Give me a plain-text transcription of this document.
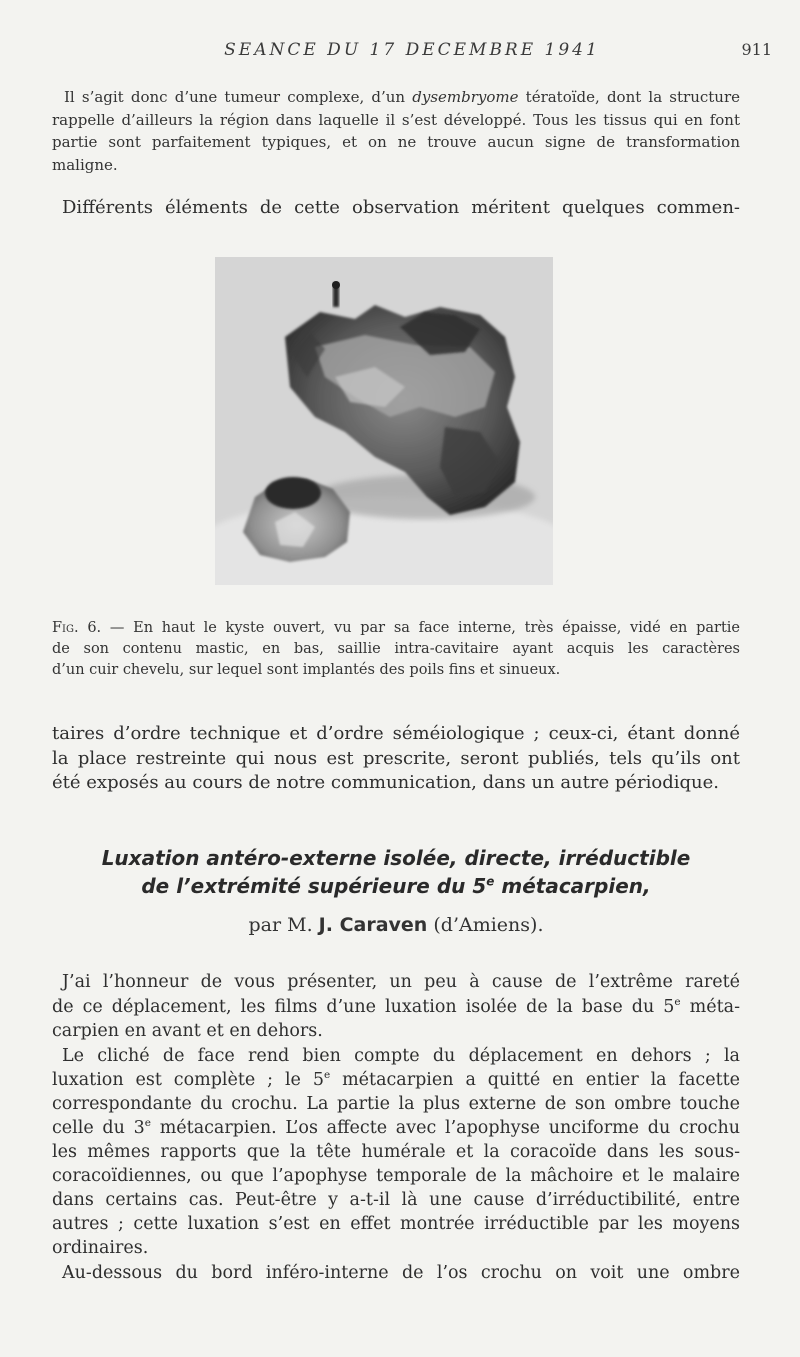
SEANCE DU 17 DECEMBRE 1941	911
Il s’agit donc d’une tumeur complexe, d’un dysembryome tératoïde, dont la structure rappelle d’ailleurs la région dans laquelle il s’est développé. Tous les tissus qui en font partie sont parfaitement typiques, et on ne trouve aucun signe de transformation maligne.
Différents éléments de cette observation méritent quelques commen-
Fig. 6. — En haut le kyste ouvert, vu par sa face interne, très épaisse, vidé en partie
de son contenu mastic, en bas, saillie intra-cavitaire ayant acquis les caractères
d’un cuir chevelu, sur lequel sont implantés des poils fins et sinueux.
taires d’ordre technique et d’ordre séméiologique ; ceux-ci, étant donné
la place restreinte qui nous est prescrite, seront publiés, tels qu’ils ont
été exposés au cours de notre communication, dans un autre périodique.
Luxation antéro-externe isolée, directe, irréductible
de l’extrémité supérieure du 5e métacarpien,
par M. J. Caraven (d’Amiens).
J’ai l’honneur de vous présenter, un peu à cause de l’extrême rareté
de ce déplacement, les films d’une luxation isolée de la base du 5e méta-
carpien en avant et en dehors.
Le cliché de face rend bien compte du déplacement en dehors ; la
luxation est complète ; le 5e métacarpien a quitté en entier la facette
correspondante du crochu. La partie la plus externe de son ombre touche
celle du 3e métacarpien. L’os affecte avec l’apophyse unciforme du crochu
les mêmes rapports que la tête humérale et la coracoïde dans les sous-
coracoïdiennes, ou que l’apophyse temporale de la mâchoire et le malaire
dans certains cas. Peut-être y a-t-il là une cause d’irréductibilité, entre
autres ; cette luxation s’est en effet montrée irréductible par les moyens
ordinaires.
Au-dessous du bord inféro-interne de l’os crochu on voit une ombre
